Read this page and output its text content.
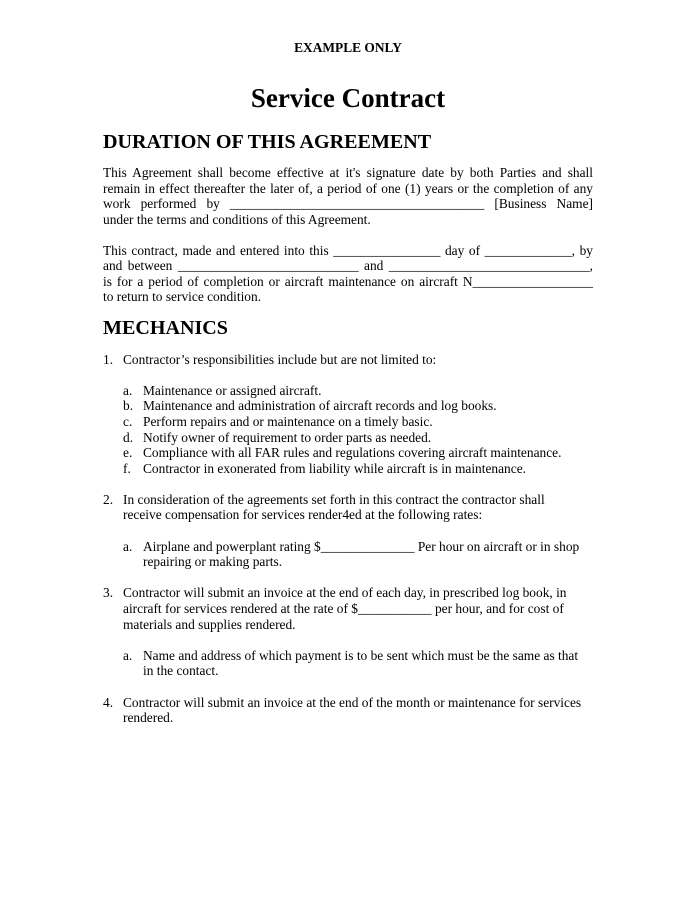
EXAMPLE ONLY

Service Contract
DURATION OF THIS AGREEMENT
This Agreement shall become effective at it's signature date by both Parties and shall
remain in effect thereafter the later of, a period of one (1) years or the completion of any
work performed by ______________________________________ [Business Name]
under the terms and conditions of this Agreement.
This contract, made and entered into this ________________ day of _____________, by
and between ___________________________ and ______________________________,
is for a period of completion or aircraft maintenance on aircraft N__________________
to return to service condition.
MECHANICS
1. Contractor’s responsibilities include but are not limited to:
a. Maintenance or assigned aircraft.
b. Maintenance and administration of aircraft records and log books.
c. Perform repairs and or maintenance on a timely basic.
d. Notify owner of requirement to order parts as needed.
e. Compliance with all FAR rules and regulations covering aircraft maintenance.
f. Contractor in exonerated from liability while aircraft is in maintenance.
2. In consideration of the agreements set forth in this contract the contractor shall
receive compensation for services render4ed at the following rates:
a. Airplane and powerplant rating $______________ Per hour on aircraft or in shop
repairing or making parts.
3. Contractor will submit an invoice at the end of each day, in prescribed log book, in
aircraft for services rendered at the rate of $___________ per hour, and for cost of
materials and supplies rendered.
a. Name and address of which payment is to be sent which must be the same as that
in the contact.
4. Contractor will submit an invoice at the end of the month or maintenance for services
rendered.
